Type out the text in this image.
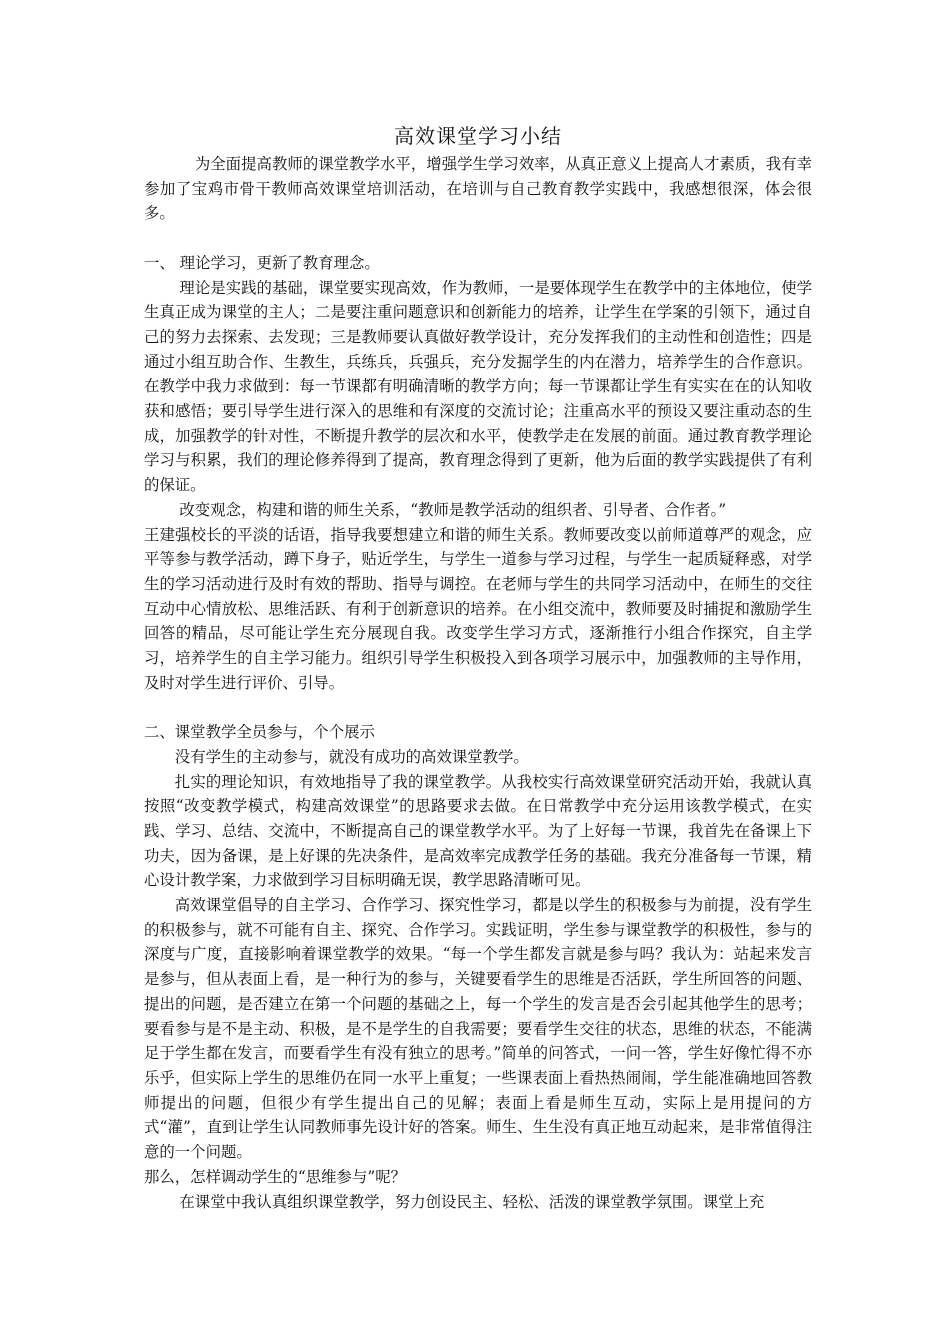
高效课堂学习小结

为全面提高教师的课堂教学水平，增强学生学习效率，从真正意义上提高人才素质，我有幸参加了宝鸡市骨干教师高效课堂培训活动，在培训与自己教育教学实践中，我感想很深，体会很多。

一、 理论学习，更新了教育理念。

理论是实践的基础，课堂要实现高效，作为教师，一是要体现学生在教学中的主体地位，使学生真正成为课堂的主人；二是要注重问题意识和创新能力的培养，让学生在学案的引领下，通过自己的努力去探索、去发现；三是教师要认真做好教学设计，充分发挥我们的主动性和创造性；四是通过小组互助合作、生教生，兵练兵，兵强兵，充分发掘学生的内在潜力，培养学生的合作意识。在教学中我力求做到：每一节课都有明确清晰的教学方向；每一节课都让学生有实实在在的认知收获和感悟；要引导学生进行深入的思维和有深度的交流讨论；注重高水平的预设又要注重动态的生成，加强教学的针对性，不断提升教学的层次和水平，使教学走在发展的前面。通过教育教学理论学习与积累，我们的理论修养得到了提高，教育理念得到了更新，他为后面的教学实践提供了有利的保证。

改变观念，构建和谐的师生关系，“教师是教学活动的组织者、引导者、合作者。”

王建强校长的平淡的话语，指导我要想建立和谐的师生关系。教师要改变以前师道尊严的观念，应平等参与教学活动，蹲下身子，贴近学生，与学生一道参与学习过程，与学生一起质疑释惑，对学生的学习活动进行及时有效的帮助、指导与调控。在老师与学生的共同学习活动中，在师生的交往互动中心情放松、思维活跃、有利于创新意识的培养。在小组交流中，教师要及时捕捉和激励学生回答的精品，尽可能让学生充分展现自我。改变学生学习方式，逐渐推行小组合作探究，自主学习，培养学生的自主学习能力。组织引导学生积极投入到各项学习展示中，加强教师的主导作用，及时对学生进行评价、引导。

二、课堂教学全员参与，个个展示

没有学生的主动参与，就没有成功的高效课堂教学。

扎实的理论知识，有效地指导了我的课堂教学。从我校实行高效课堂研究活动开始，我就认真按照“改变教学模式，构建高效课堂”的思路要求去做。在日常教学中充分运用该教学模式，在实践、学习、总结、交流中，不断提高自己的课堂教学水平。为了上好每一节课，我首先在备课上下功夫，因为备课，是上好课的先决条件，是高效率完成教学任务的基础。我充分准备每一节课，精心设计教学案，力求做到学习目标明确无误，教学思路清晰可见。

高效课堂倡导的自主学习、合作学习、探究性学习，都是以学生的积极参与为前提，没有学生的积极参与，就不可能有自主、探究、合作学习。实践证明，学生参与课堂教学的积极性，参与的深度与广度，直接影响着课堂教学的效果。“每一个学生都发言就是参与吗？我认为：站起来发言是参与，但从表面上看，是一种行为的参与，关键要看学生的思维是否活跃，学生所回答的问题、提出的问题，是否建立在第一个问题的基础之上，每一个学生的发言是否会引起其他学生的思考；要看参与是不是主动、积极，是不是学生的自我需要；要看学生交往的状态，思维的状态，不能满足于学生都在发言，而要看学生有没有独立的思考。”简单的问答式，一问一答，学生好像忙得不亦乐乎，但实际上学生的思维仍在同一水平上重复；一些课表面上看热热闹闹，学生能准确地回答教师提出的问题，但很少有学生提出自己的见解；表面上看是师生互动，实际上是用提问的方式“灌”，直到让学生认同教师事先设计好的答案。师生、生生没有真正地互动起来，是非常值得注意的一个问题。

那么，怎样调动学生的“思维参与”呢？

在课堂中我认真组织课堂教学，努力创设民主、轻松、活泼的课堂教学氛围。课堂上充
